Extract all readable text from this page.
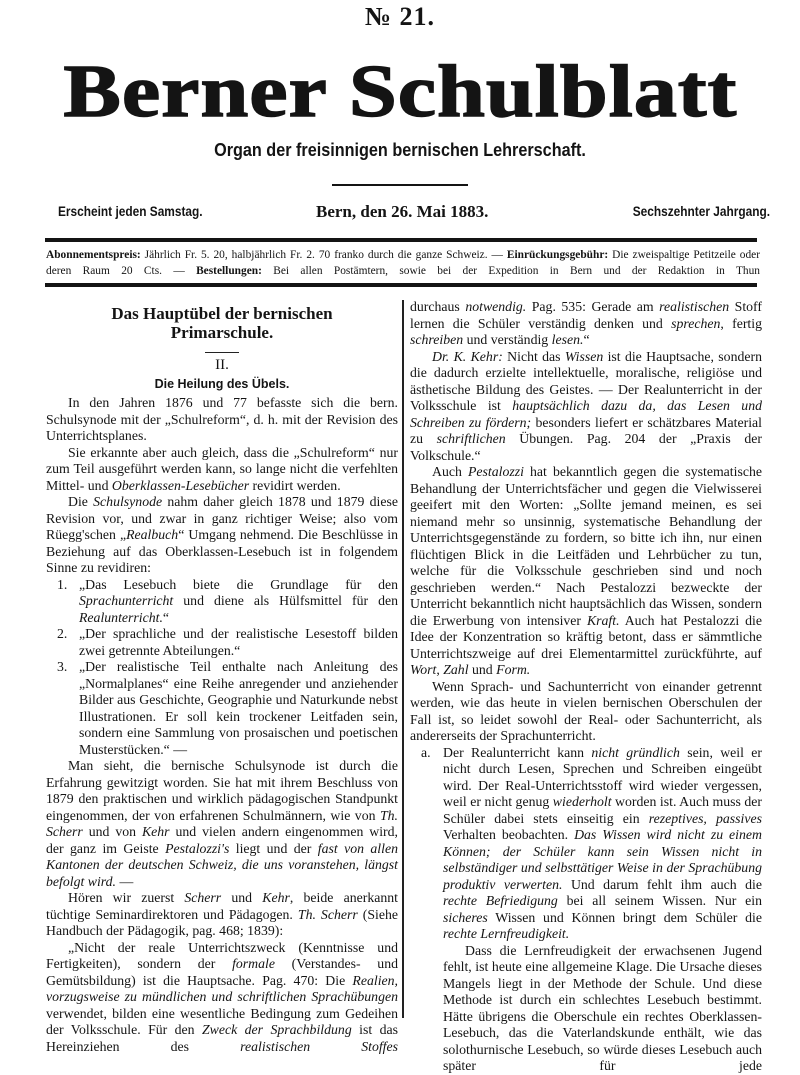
№ 21.
Berner Schulblatt
Organ der freisinnigen bernischen Lehrerschaft.
Erscheint jeden Samstag.	Bern, den 26. Mai 1883.	Sechszehnter Jahrgang.
Abonnementspreis: Jährlich Fr. 5. 20, halbjährlich Fr. 2. 70 franko durch die ganze Schweiz. — Einrückungsgebühr: Die zweispaltige Petitzeile oder deren Raum 20 Cts. — Bestellungen: Bei allen Postämtern, sowie bei der Expedition in Bern und der Redaktion in Thun
Das Hauptübel der bernischen
Primarschule.
II.
Die Heilung des Übels.

In den Jahren 1876 und 77 befasste sich die bern. Schulsynode mit der „Schulreform“, d. h. mit der Revision des Unterrichtsplanes.

Sie erkannte aber auch gleich, dass die „Schulreform“ nur zum Teil ausgeführt werden kann, so lange nicht die verfehlten Mittel- und Oberklassen-Lesebücher revidirt werden.

Die Schulsynode nahm daher gleich 1878 und 1879 diese Revision vor, und zwar in ganz richtiger Weise; also vom Rüegg'schen „Realbuch“ Umgang nehmend. Die Beschlüsse in Beziehung auf das Oberklassen-Lesebuch ist in folgendem Sinne zu revidiren:

1. „Das Lesebuch biete die Grundlage für den Sprachunterricht und diene als Hülfsmittel für den Realunterricht.“

2. „Der sprachliche und der realistische Lesestoff bilden zwei getrennte Abteilungen.“

3. „Der realistische Teil enthalte nach Anleitung des „Normalplanes“ eine Reihe anregender und anziehender Bilder aus Geschichte, Geographie und Naturkunde nebst Illustrationen. Er soll kein trockener Leitfaden sein, sondern eine Sammlung von prosaischen und poetischen Musterstücken.“ —

Man sieht, die bernische Schulsynode ist durch die Erfahrung gewitzigt worden. Sie hat mit ihrem Beschluss von 1879 den praktischen und wirklich pädagogischen Standpunkt eingenommen, der von erfahrenen Schulmännern, wie von Th. Scherr und von Kehr und vielen andern eingenommen wird, der ganz im Geiste Pestalozzi's liegt und der fast von allen Kantonen der deutschen Schweiz, die uns voranstehen, längst befolgt wird. —

Hören wir zuerst Scherr und Kehr, beide anerkannt tüchtige Seminardirektoren und Pädagogen. Th. Scherr (Siehe Handbuch der Pädagogik, pag. 468; 1839):

„Nicht der reale Unterrichtszweck (Kenntnisse und Fertigkeiten), sondern der formale (Verstandes- und Gemütsbildung) ist die Hauptsache. Pag. 470: Die Realien, vorzugsweise zu mündlichen und schriftlichen Sprachübungen verwendet, bilden eine wesentliche Bedingung zum Gedeihen der Volksschule. Für den Zweck der Sprachbildung ist das Hereinziehen des realistischen Stoffes

durchaus notwendig. Pag. 535: Gerade am realistischen Stoff lernen die Schüler verständig denken und sprechen, fertig schreiben und verständig lesen.“

Dr. K. Kehr: Nicht das Wissen ist die Hauptsache, sondern die dadurch erzielte intellektuelle, moralische, religiöse und ästhetische Bildung des Geistes. — Der Realunterricht in der Volksschule ist hauptsächlich dazu da, das Lesen und Schreiben zu fördern; besonders liefert er schätzbares Material zu schriftlichen Übungen. Pag. 204 der „Praxis der Volkschule.“

Auch Pestalozzi hat bekanntlich gegen die systematische Behandlung der Unterrichtsfächer und gegen die Vielwisserei geeifert mit den Worten: „Sollte jemand meinen, es sei niemand mehr so unsinnig, systematische Behandlung der Unterrichtsgegenstände zu fordern, so bitte ich ihn, nur einen flüchtigen Blick in die Leitfäden und Lehrbücher zu tun, welche für die Volksschule geschrieben sind und noch geschrieben werden.“ Nach Pestalozzi bezweckte der Unterricht bekanntlich nicht hauptsächlich das Wissen, sondern die Erwerbung von intensiver Kraft. Auch hat Pestalozzi die Idee der Konzentration so kräftig betont, dass er sämmtliche Unterrichtszweige auf drei Elementarmittel zurückführte, auf Wort, Zahl und Form.

Wenn Sprach- und Sachunterricht von einander getrennt werden, wie das heute in vielen bernischen Oberschulen der Fall ist, so leidet sowohl der Real- oder Sachunterricht, als andererseits der Sprachunterricht.

a. Der Realunterricht kann nicht gründlich sein, weil er nicht durch Lesen, Sprechen und Schreiben eingeübt wird. Der Real-Unterrichtsstoff wird wieder vergessen, weil er nicht genug wiederholt worden ist. Auch muss der Schüler dabei stets einseitig ein rezeptives, passives Verhalten beobachten. Das Wissen wird nicht zu einem Können; der Schüler kann sein Wissen nicht in selbständiger und selbsttätiger Weise in der Sprachübung produktiv verwerten. Und darum fehlt ihm auch die rechte Befriedigung bei all seinem Wissen. Nur ein sicheres Wissen und Können bringt dem Schüler die rechte Lernfreudigkeit.

Dass die Lernfreudigkeit der erwachsenen Jugend fehlt, ist heute eine allgemeine Klage. Die Ursache dieses Mangels liegt in der Methode der Schule. Und diese Methode ist durch ein schlechtes Lesebuch bestimmt. Hätte übrigens die Oberschule ein rechtes Oberklassen-Lesebuch, das die Vaterlandskunde enthält, wie das solothurnische Lesebuch, so würde dieses Lesebuch auch später für jede
